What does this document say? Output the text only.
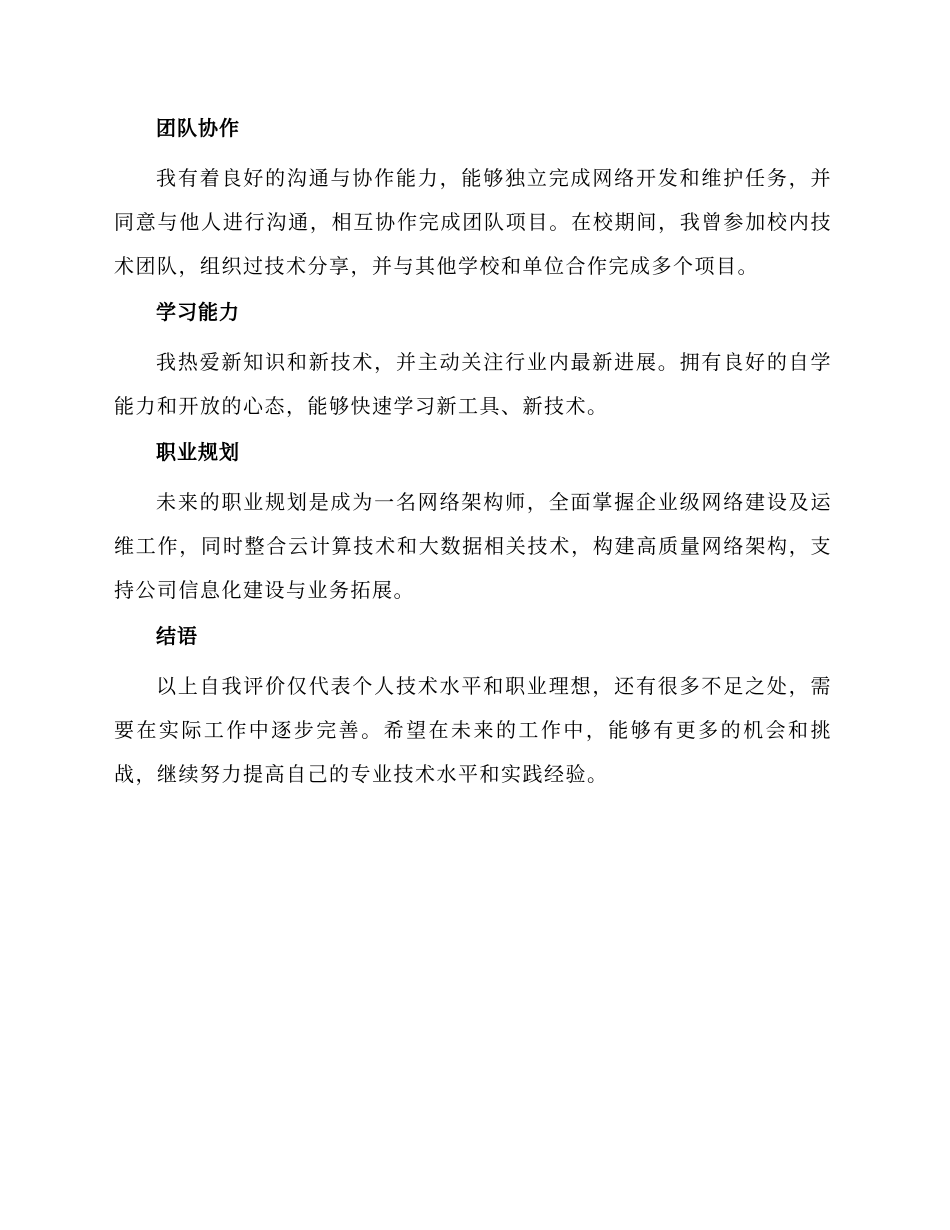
团队协作

我有着良好的沟通与协作能力，能够独立完成网络开发和维护任务，并同意与他人进行沟通，相互协作完成团队项目。在校期间，我曾参加校内技术团队，组织过技术分享，并与其他学校和单位合作完成多个项目。

学习能力

我热爱新知识和新技术，并主动关注行业内最新进展。拥有良好的自学能力和开放的心态，能够快速学习新工具、新技术。

职业规划

未来的职业规划是成为一名网络架构师，全面掌握企业级网络建设及运维工作，同时整合云计算技术和大数据相关技术，构建高质量网络架构，支持公司信息化建设与业务拓展。

结语

以上自我评价仅代表个人技术水平和职业理想，还有很多不足之处，需要在实际工作中逐步完善。希望在未来的工作中，能够有更多的机会和挑战，继续努力提高自己的专业技术水平和实践经验。
